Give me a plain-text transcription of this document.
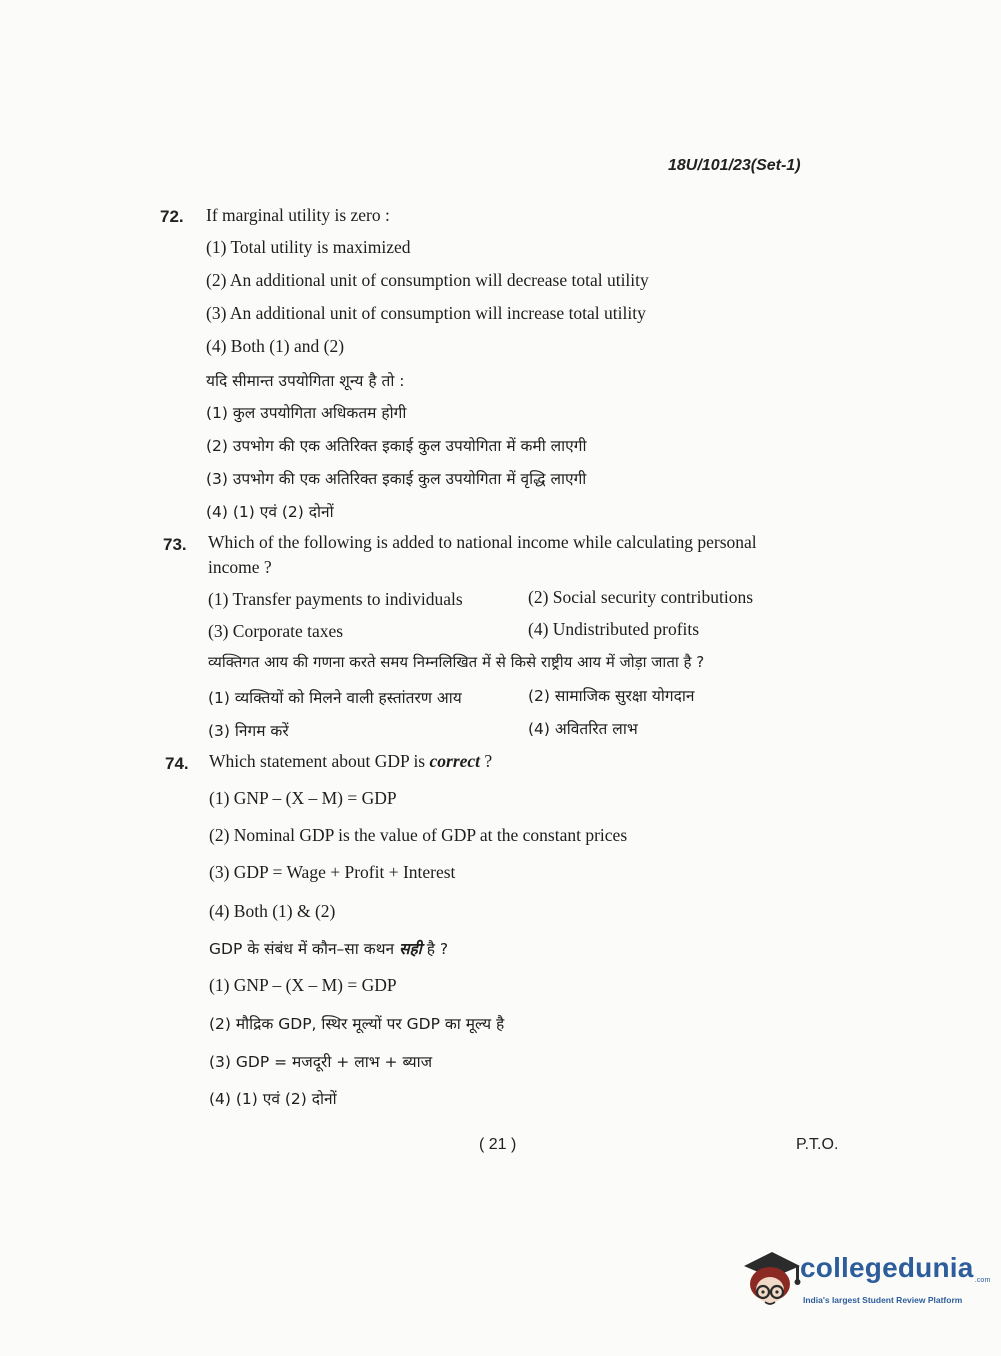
18U/101/23(Set-1)
72. If marginal utility is zero :
(1) Total utility is maximized
(2) An additional unit of consumption will decrease total utility
(3) An additional unit of consumption will increase total utility
(4) Both (1) and (2)
यदि सीमान्त उपयोगिता शून्य है तो :
(1) कुल उपयोगिता अधिकतम होगी
(2) उपभोग की एक अतिरिक्त इकाई कुल उपयोगिता में कमी लाएगी
(3) उपभोग की एक अतिरिक्त इकाई कुल उपयोगिता में वृद्धि लाएगी
(4) (1) एवं (2) दोनों
73. Which of the following is added to national income while calculating personal
income ?
(1) Transfer payments to individuals	(2) Social security contributions
(3) Corporate taxes	(4) Undistributed profits
व्यक्तिगत आय की गणना करते समय निम्नलिखित में से किसे राष्ट्रीय आय में जोड़ा जाता है ?
(1) व्यक्तियों को मिलने वाली हस्तांतरण आय	(2) सामाजिक सुरक्षा योगदान
(3) निगम करें	(4) अवितरित लाभ
74. Which statement about GDP is correct ?
(1) GNP – (X – M) = GDP
(2) Nominal GDP is the value of GDP at the constant prices
(3) GDP = Wage + Profit + Interest
(4) Both (1) & (2)
GDP के संबंध में कौन–सा कथन सही है ?
(1) GNP – (X – M) = GDP
(2) मौद्रिक GDP, स्थिर मूल्यों पर GDP का मूल्य है
(3) GDP = मजदूरी + लाभ + ब्याज
(4) (1) एवं (2) दोनों
( 21 )	P.T.O.
collegedunia.com
India's largest Student Review Platform
